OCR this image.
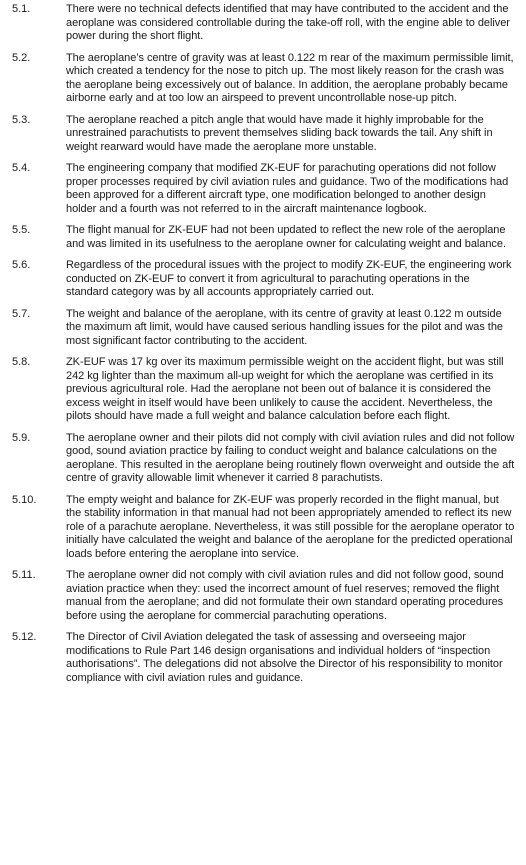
5.1.	There were no technical defects identified that may have contributed to the accident and the aeroplane was considered controllable during the take-off roll, with the engine able to deliver power during the short flight.
5.2.	The aeroplane’s centre of gravity was at least 0.122 m rear of the maximum permissible limit, which created a tendency for the nose to pitch up. The most likely reason for the crash was the aeroplane being excessively out of balance. In addition, the aeroplane probably became airborne early and at too low an airspeed to prevent uncontrollable nose-up pitch.
5.3.	The aeroplane reached a pitch angle that would have made it highly improbable for the unrestrained parachutists to prevent themselves sliding back towards the tail. Any shift in weight rearward would have made the aeroplane more unstable.
5.4.	The engineering company that modified ZK-EUF for parachuting operations did not follow proper processes required by civil aviation rules and guidance. Two of the modifications had been approved for a different aircraft type, one modification belonged to another design holder and a fourth was not referred to in the aircraft maintenance logbook.
5.5.	The flight manual for ZK-EUF had not been updated to reflect the new role of the aeroplane and was limited in its usefulness to the aeroplane owner for calculating weight and balance.
5.6.	Regardless of the procedural issues with the project to modify ZK-EUF, the engineering work conducted on ZK-EUF to convert it from agricultural to parachuting operations in the standard category was by all accounts appropriately carried out.
5.7.	The weight and balance of the aeroplane, with its centre of gravity at least 0.122 m outside the maximum aft limit, would have caused serious handling issues for the pilot and was the most significant factor contributing to the accident.
5.8.	ZK-EUF was 17 kg over its maximum permissible weight on the accident flight, but was still 242 kg lighter than the maximum all-up weight for which the aeroplane was certified in its previous agricultural role. Had the aeroplane not been out of balance it is considered the excess weight in itself would have been unlikely to cause the accident. Nevertheless, the pilots should have made a full weight and balance calculation before each flight.
5.9.	The aeroplane owner and their pilots did not comply with civil aviation rules and did not follow good, sound aviation practice by failing to conduct weight and balance calculations on the aeroplane. This resulted in the aeroplane being routinely flown overweight and outside the aft centre of gravity allowable limit whenever it carried 8 parachutists.
5.10.	The empty weight and balance for ZK-EUF was properly recorded in the flight manual, but the stability information in that manual had not been appropriately amended to reflect its new role of a parachute aeroplane. Nevertheless, it was still possible for the aeroplane operator to initially have calculated the weight and balance of the aeroplane for the predicted operational loads before entering the aeroplane into service.
5.11.	The aeroplane owner did not comply with civil aviation rules and did not follow good, sound aviation practice when they: used the incorrect amount of fuel reserves; removed the flight manual from the aeroplane; and did not formulate their own standard operating procedures before using the aeroplane for commercial parachuting operations.
5.12.	The Director of Civil Aviation delegated the task of assessing and overseeing major modifications to Rule Part 146 design organisations and individual holders of “inspection authorisations”. The delegations did not absolve the Director of his responsibility to monitor compliance with civil aviation rules and guidance.
